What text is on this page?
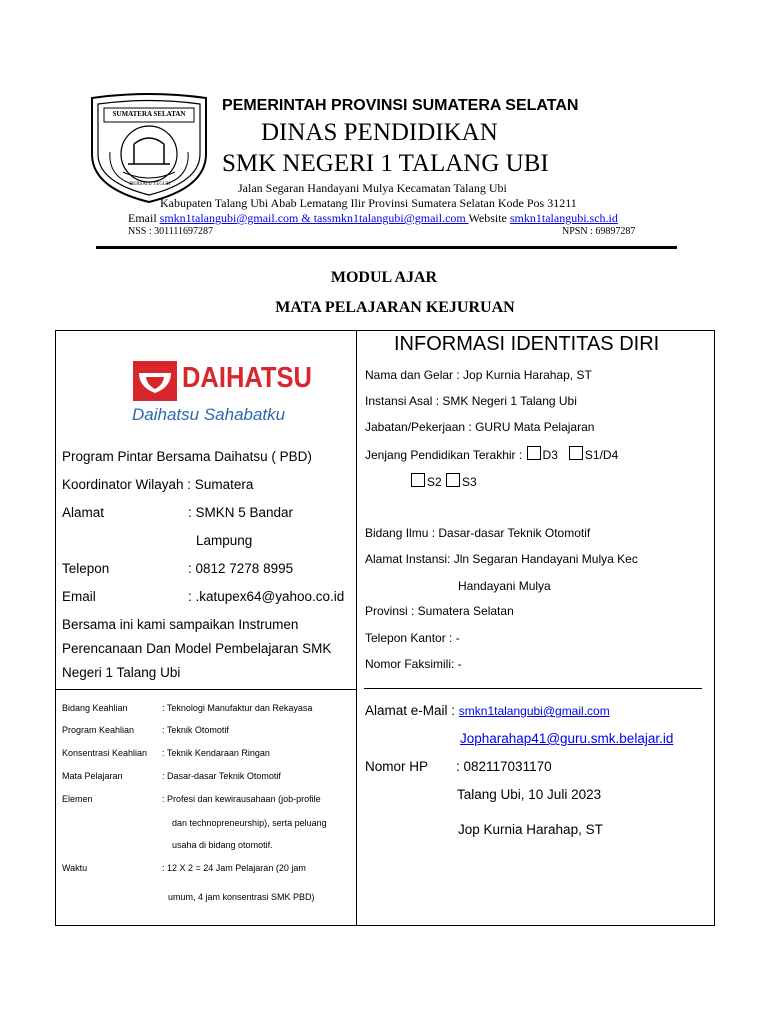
SUMATERA SELATAN
BERSATU TEGUH
PEMERINTAH PROVINSI SUMATERA SELATAN
DINAS PENDIDIKAN
SMK NEGERI 1 TALANG UBI
Jalan Segaran Handayani Mulya Kecamatan Talang Ubi
Kabupaten Talang Ubi Abab Lematang Ilir Provinsi Sumatera Selatan Kode Pos 31211
Email smkn1talangubi@gmail.com & tassmkn1talangubi@gmail.com Website smkn1talangubi.sch.id
NSS : 301111697287	NPSN : 69897287
MODUL AJAR
MATA PELAJARAN KEJURUAN
DAIHATSU
Daihatsu Sahabatku
Program Pintar Bersama Daihatsu ( PBD)
Koordinator Wilayah : Sumatera
Alamat	: SMKN 5 Bandar
Lampung
Telepon	: 0812 7278 8995
Email	: .katupex64@yahoo.co.id
Bersama ini kami sampaikan Instrumen
Perencanaan Dan Model Pembelajaran SMK
Negeri 1 Talang Ubi
Bidang Keahlian	: Teknologi Manufaktur dan Rekayasa
Program Keahlian	: Teknik Otomotif
Konsentrasi Keahlian : Teknik Kendaraan Ringan
Mata Pelajaran	: Dasar-dasar Teknik Otomotif
Elemen	: Profesi dan kewirausahaan (job-profile
dan technopreneurship), serta peluang
usaha di bidang otomotif.
Waktu	: 12 X 2 = 24 Jam Pelajaran (20 jam
umum, 4 jam konsentrasi SMK PBD)
INFORMASI IDENTITAS DIRI
Nama dan Gelar : Jop Kurnia Harahap, ST
Instansi Asal : SMK Negeri 1 Talang Ubi
Jabatan/Pekerjaan : GURU Mata Pelajaran
Jenjang Pendidikan Terakhir : D3 S1/D4
S2 S3
Bidang Ilmu : Dasar-dasar Teknik Otomotif
Alamat Instansi: Jln Segaran Handayani Mulya Kec
Handayani Mulya
Provinsi : Sumatera Selatan
Telepon Kantor : -
Nomor Faksimili: -
Alamat e-Mail : smkn1talangubi@gmail.com
Jopharahap41@guru.smk.belajar.id
Nomor HP : 082117031170
Talang Ubi, 10 Juli 2023
Jop Kurnia Harahap, ST
